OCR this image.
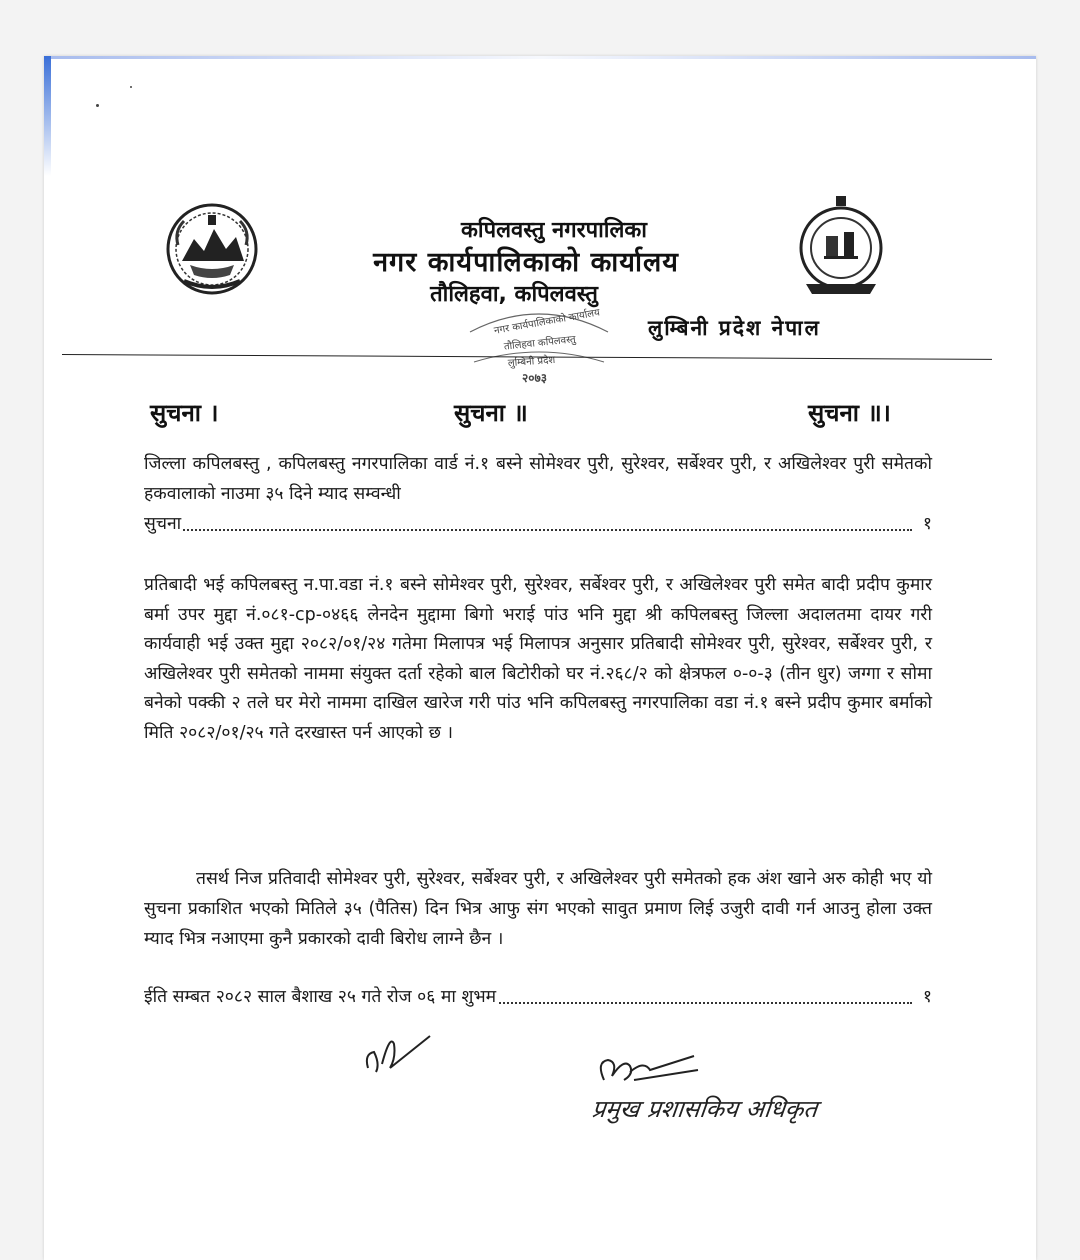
कपिलवस्तु नगरपालिका
नगर कार्यपालिकाको कार्यालय
तौलिहवा, कपिलवस्तु
लुम्बिनी प्रदेश नेपाल
नगर कार्यपालिकाको कार्यालय
तौलिहवा कपिलवस्तु
लुम्बिनी प्रदेश
२०७३
सुचना ।	सुचना ॥	सुचना ॥।
जिल्ला कपिलबस्तु , कपिलबस्तु नगरपालिका वार्ड नं.१ बस्ने सोमेश्वर पुरी, सुरेश्वर, सर्बेश्वर पुरी, र अखिलेश्वर पुरी समेतको हकवालाको नाउमा ३५ दिने म्याद सम्वन्धी
सुचना	१
प्रतिबादी भई कपिलबस्तु न.पा.वडा नं.१ बस्ने सोमेश्वर पुरी, सुरेश्वर, सर्बेश्वर पुरी, र अखिलेश्वर पुरी समेत बादी प्रदीप कुमार बर्मा उपर मुद्दा नं.०८१-cp-०४६६ लेनदेन मुद्दामा बिगो भराई पांउ भनि मुद्दा श्री कपिलबस्तु जिल्ला अदालतमा दायर गरी कार्यवाही भई उक्त मुद्दा २०८२/०१/२४ गतेमा मिलापत्र भई मिलापत्र अनुसार प्रतिबादी सोमेश्वर पुरी, सुरेश्वर, सर्बेश्वर पुरी, र अखिलेश्वर पुरी समेतको नाममा संयुक्त दर्ता रहेको बाल बिटोरीको घर नं.२६८/२ को क्षेत्रफल ०-०-३ (तीन धुर) जग्गा र सोमा बनेको पक्की २ तले घर मेरो नाममा दाखिल खारेज गरी पांउ भनि कपिलबस्तु नगरपालिका वडा नं.१ बस्ने प्रदीप कुमार बर्माको मिति २०८२/०१/२५ गते दरखास्त पर्न आएको छ ।
तसर्थ निज प्रतिवादी सोमेश्वर पुरी, सुरेश्वर, सर्बेश्वर पुरी, र अखिलेश्वर पुरी समेतको हक अंश खाने अरु कोही भए यो सुचना प्रकाशित भएको मितिले ३५ (पैतिस) दिन भित्र आफु संग भएको सावुत प्रमाण लिई उजुरी दावी गर्न आउनु होला उक्त म्याद भित्र नआएमा कुनै प्रकारको दावी बिरोध लाग्ने छैन ।
ईति सम्बत २०८२ साल बैशाख २५ गते रोज ०६ मा शुभम	१
प्रमुख प्रशासकिय अधिकृत
